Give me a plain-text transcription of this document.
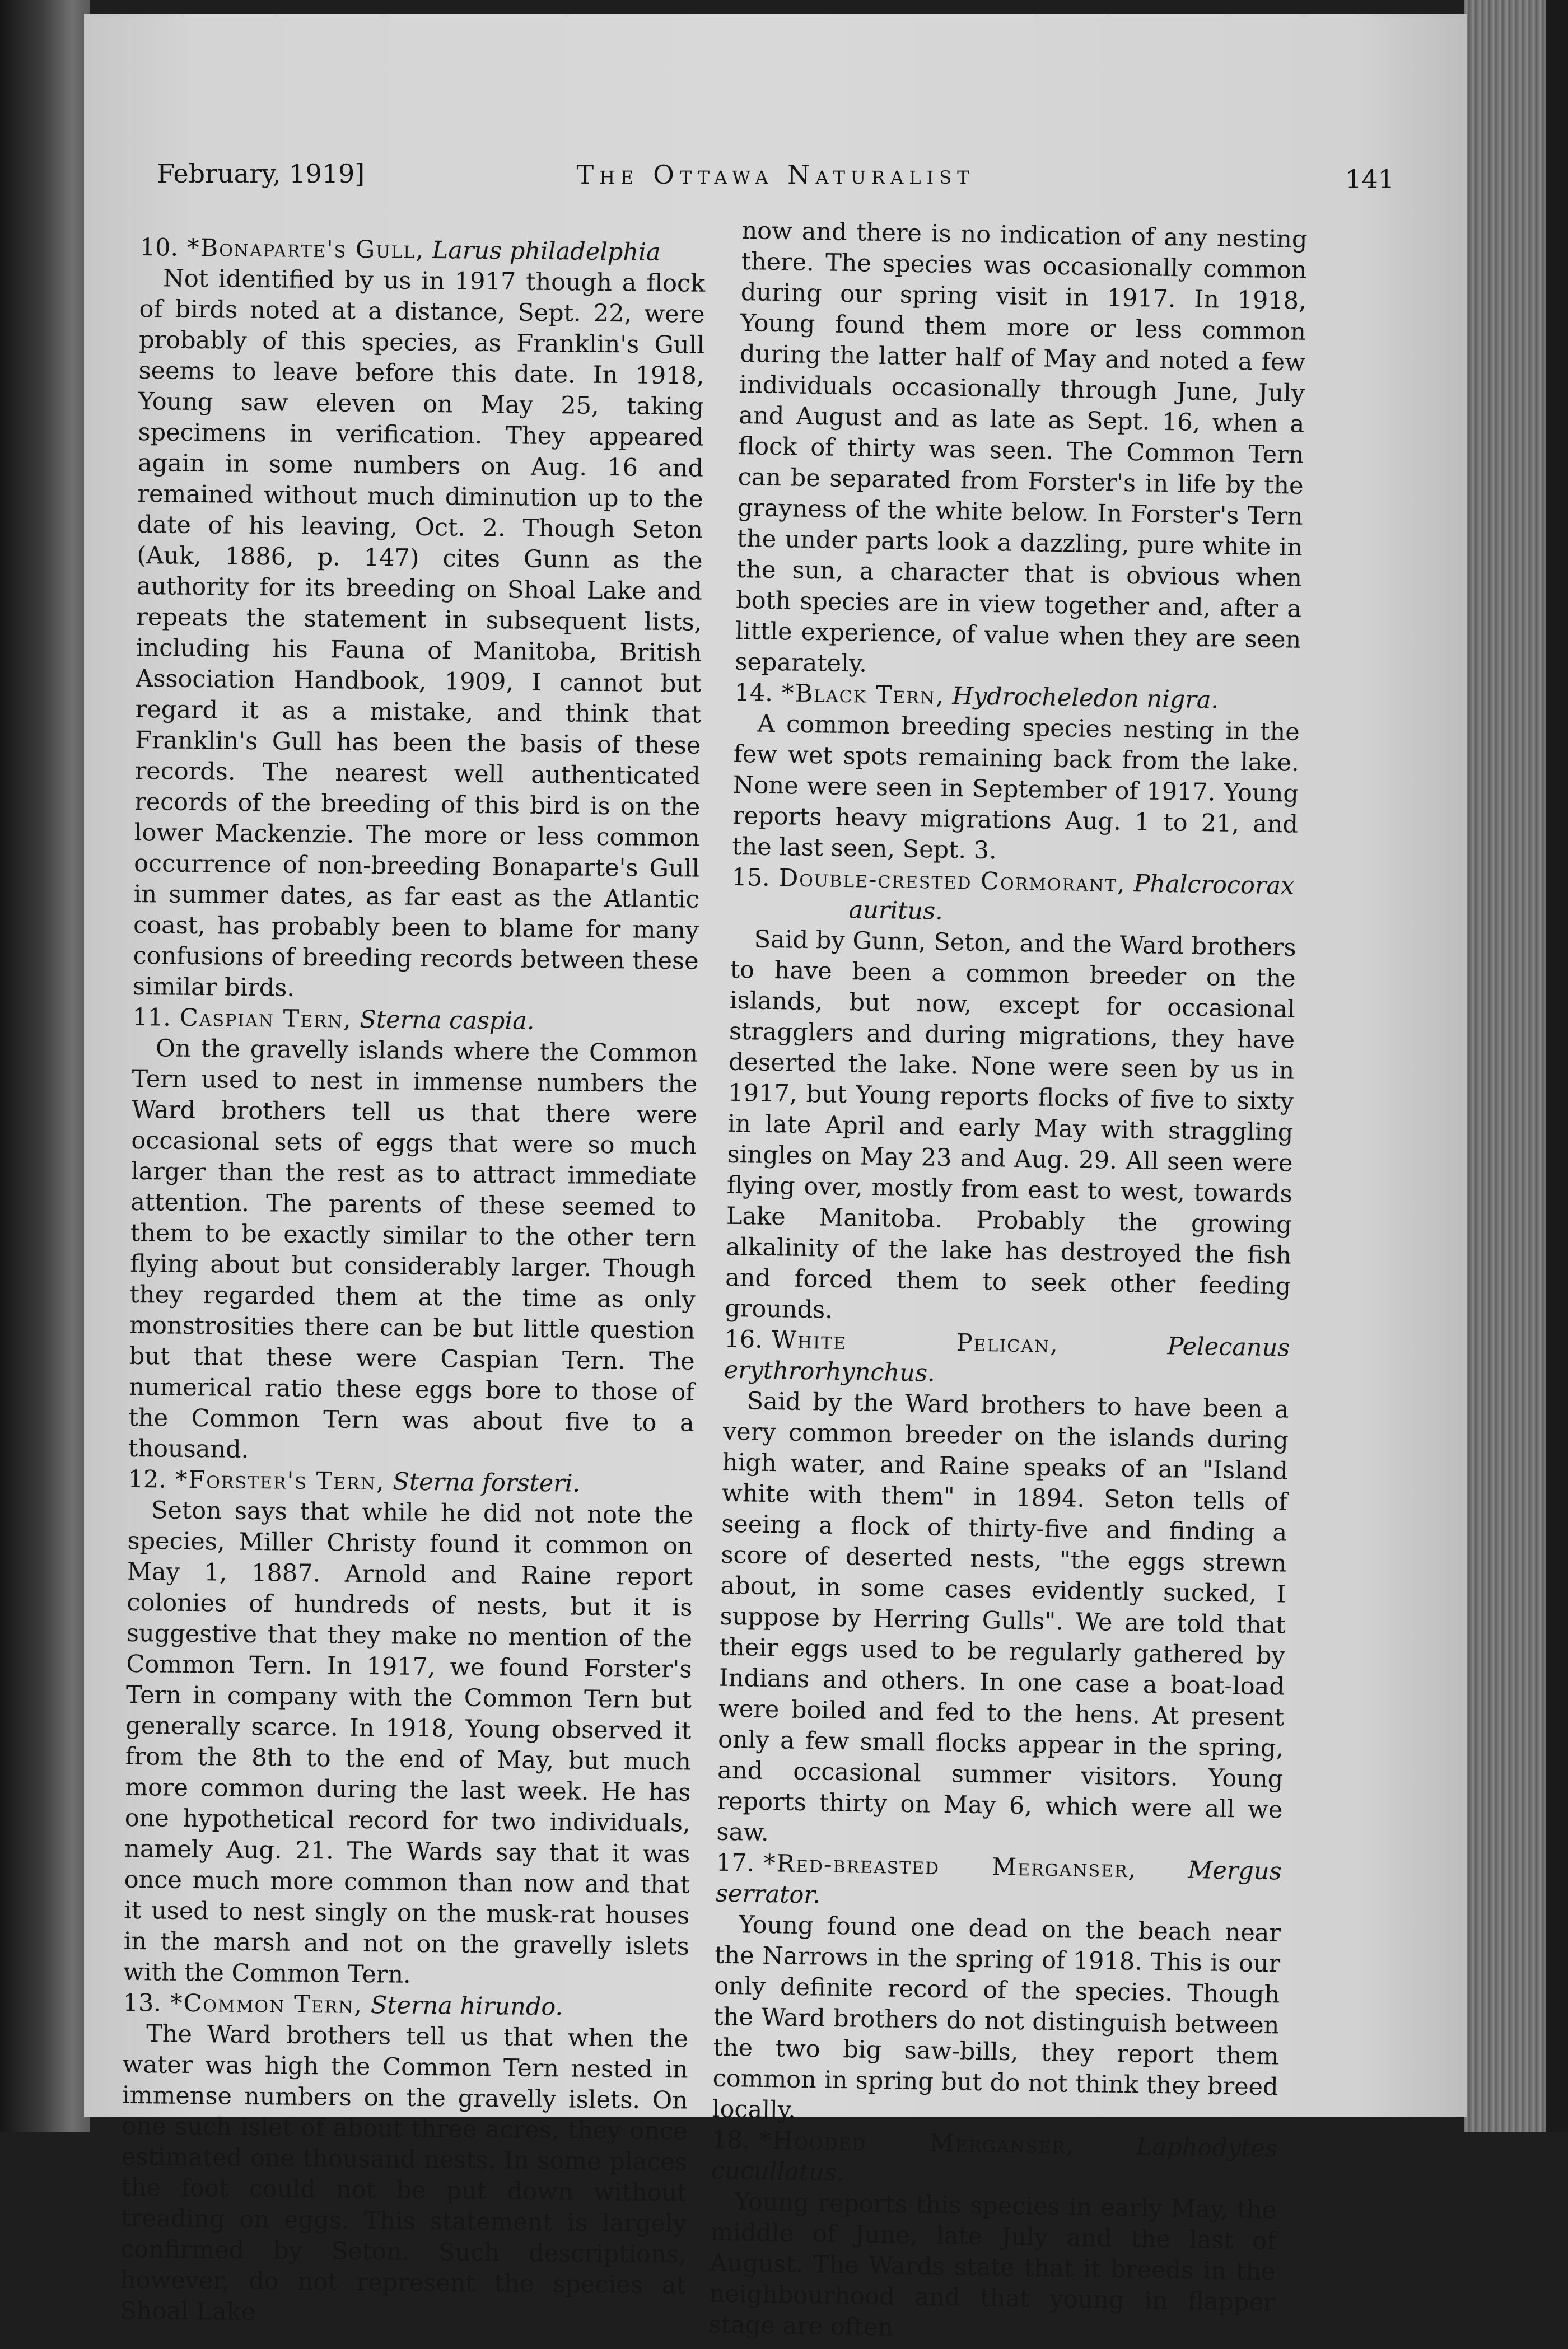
February, 1919]	The Ottawa Naturalist	141
10. *Bonaparte's Gull, Larus philadelphia

Not identified by us in 1917 though a flock of birds noted at a distance, Sept. 22, were probably of this species, as Franklin's Gull seems to leave before this date. In 1918, Young saw eleven on May 25, taking specimens in verification. They appeared again in some numbers on Aug. 16 and remained without much diminution up to the date of his leaving, Oct. 2. Though Seton (Auk, 1886, p. 147) cites Gunn as the authority for its breeding on Shoal Lake and repeats the statement in subsequent lists, including his Fauna of Manitoba, British Association Handbook, 1909, I cannot but regard it as a mistake, and think that Franklin's Gull has been the basis of these records. The nearest well authenticated records of the breeding of this bird is on the lower Mackenzie. The more or less common occurrence of non-breeding Bonaparte's Gull in summer dates, as far east as the Atlantic coast, has probably been to blame for many confusions of breeding records between these similar birds.

11. Caspian Tern, Sterna caspia.

On the gravelly islands where the Common Tern used to nest in immense numbers the Ward brothers tell us that there were occasional sets of eggs that were so much larger than the rest as to attract immediate attention. The parents of these seemed to them to be exactly similar to the other tern flying about but considerably larger. Though they regarded them at the time as only monstrosities there can be but little question but that these were Caspian Tern. The numerical ratio these eggs bore to those of the Common Tern was about five to a thousand.

12. *Forster's Tern, Sterna forsteri.

Seton says that while he did not note the species, Miller Christy found it common on May 1, 1887. Arnold and Raine report colonies of hundreds of nests, but it is suggestive that they make no mention of the Common Tern. In 1917, we found Forster's Tern in company with the Common Tern but generally scarce. In 1918, Young observed it from the 8th to the end of May, but much more common during the last week. He has one hypothetical record for two individuals, namely Aug. 21. The Wards say that it was once much more common than now and that it used to nest singly on the musk-rat houses in the marsh and not on the gravelly islets with the Common Tern.

13. *Common Tern, Sterna hirundo.

The Ward brothers tell us that when the water was high the Common Tern nested in immense numbers on the gravelly islets. On one such islet of about three acres, they once estimated one thousand nests. In some places the foot could not be put down without treading on eggs. This statement is largely confirmed by Seton. Such descriptions, however, do not represent the species at Shoal Lake

now and there is no indication of any nesting there. The species was occasionally common during our spring visit in 1917. In 1918, Young found them more or less common during the latter half of May and noted a few individuals occasionally through June, July and August and as late as Sept. 16, when a flock of thirty was seen. The Common Tern can be separated from Forster's in life by the grayness of the white below. In Forster's Tern the under parts look a dazzling, pure white in the sun, a character that is obvious when both species are in view together and, after a little experience, of value when they are seen separately.

14. *Black Tern, Hydrocheledon nigra.

A common breeding species nesting in the few wet spots remaining back from the lake. None were seen in September of 1917. Young reports heavy migrations Aug. 1 to 21, and the last seen, Sept. 3.

15. Double-crested Cormorant, Phalcrocorax
auritus.

Said by Gunn, Seton, and the Ward brothers to have been a common breeder on the islands, but now, except for occasional stragglers and during migrations, they have deserted the lake. None were seen by us in 1917, but Young reports flocks of five to sixty in late April and early May with straggling singles on May 23 and Aug. 29. All seen were flying over, mostly from east to west, towards Lake Manitoba. Probably the growing alkalinity of the lake has destroyed the fish and forced them to seek other feeding grounds.

16. White Pelican,	Pelecanus erythrorhynchus.

Said by the Ward brothers to have been a very common breeder on the islands during high water, and Raine speaks of an "Island white with them" in 1894. Seton tells of seeing a flock of thirty-five and finding a score of deserted nests, "the eggs strewn about, in some cases evidently sucked, I suppose by Herring Gulls". We are told that their eggs used to be regularly gathered by Indians and others. In one case a boat-load were boiled and fed to the hens. At present only a few small flocks appear in the spring, and occasional summer visitors. Young reports thirty on May 6, which were all we saw.

17. *Red-breasted Merganser, Mergus serrator.

Young found one dead on the beach near the Narrows in the spring of 1918. This is our only definite record of the species. Though the Ward brothers do not distinguish between the two big saw-bills, they report them common in spring but do not think they breed locally.

18. *Hooded Merganser,	Laphodytes cucullatus.

Young reports this species in early May, the middle of June, late July and the last of August. The Wards state that it breeds in the neighbourhood and that young in flapper stage are often
